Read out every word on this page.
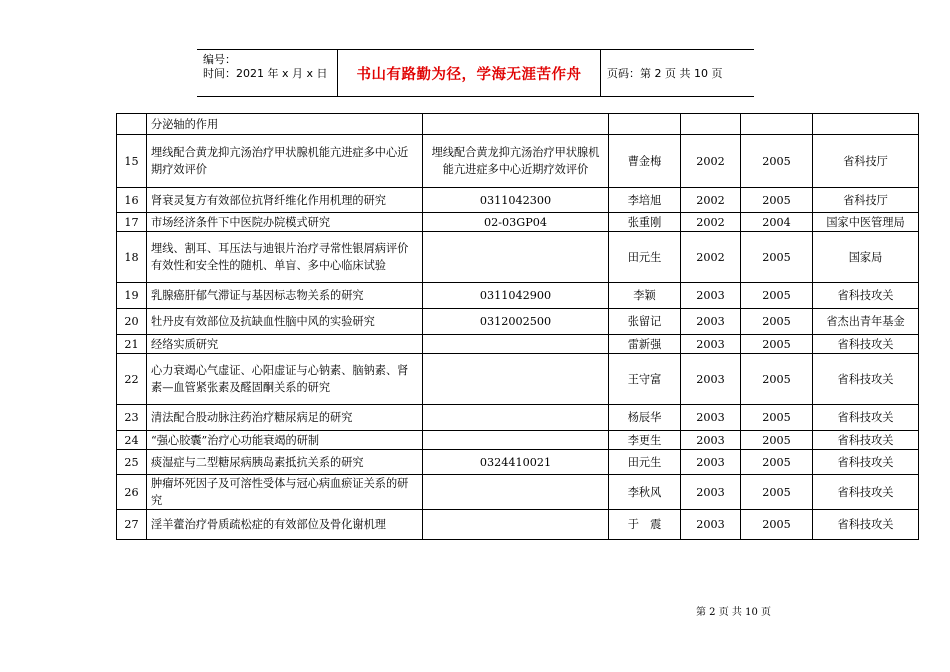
编号：
时间：2021 年 x 月 x 日	书山有路勤为径，学海无涯苦作舟 页码：第 2 页 共 10 页
	分泌轴的作用					
15	埋线配合黄龙抑亢汤治疗甲状腺机能亢进症多中心近期疗效评价	埋线配合黄龙抑亢汤治疗甲状腺机能亢进症多中心近期疗效评价	曹金梅	2002	2005	省科技厅
16	肾衰灵复方有效部位抗肾纤维化作用机理的研究	0311042300	李培旭	2002	2005	省科技厅
17	市场经济条件下中医院办院模式研究	02-03GP04	张重刚	2002	2004	国家中医管理局
18	埋线、割耳、耳压法与迪银片治疗寻常性银屑病评价有效性和安全性的随机、单盲、多中心临床试验		田元生	2002	2005	国家局
19	乳腺癌肝郁气滞证与基因标志物关系的研究	0311042900	李颖	2003	2005	省科技攻关
20	牡丹皮有效部位及抗缺血性脑中风的实验研究	0312002500	张留记	2003	2005	省杰出青年基金
21	经络实质研究		雷新强	2003	2005	省科技攻关
22	心力衰竭心气虚证、心阳虚证与心钠素、脑钠素、肾素—血管紧张素及醛固酮关系的研究		王守富	2003	2005	省科技攻关
23	清法配合股动脉注药治疗糖尿病足的研究		杨辰华	2003	2005	省科技攻关
24	“强心胶囊”治疗心功能衰竭的研制		李更生	2003	2005	省科技攻关
25	痰湿症与二型糖尿病胰岛素抵抗关系的研究	0324410021	田元生	2003	2005	省科技攻关
26	肿瘤坏死因子及可溶性受体与冠心病血瘀证关系的研究		李秋风	2003	2005	省科技攻关
27	淫羊藿治疗骨质疏松症的有效部位及骨化谢机理		于　震	2003	2005	省科技攻关
第 2 页 共 10 页
